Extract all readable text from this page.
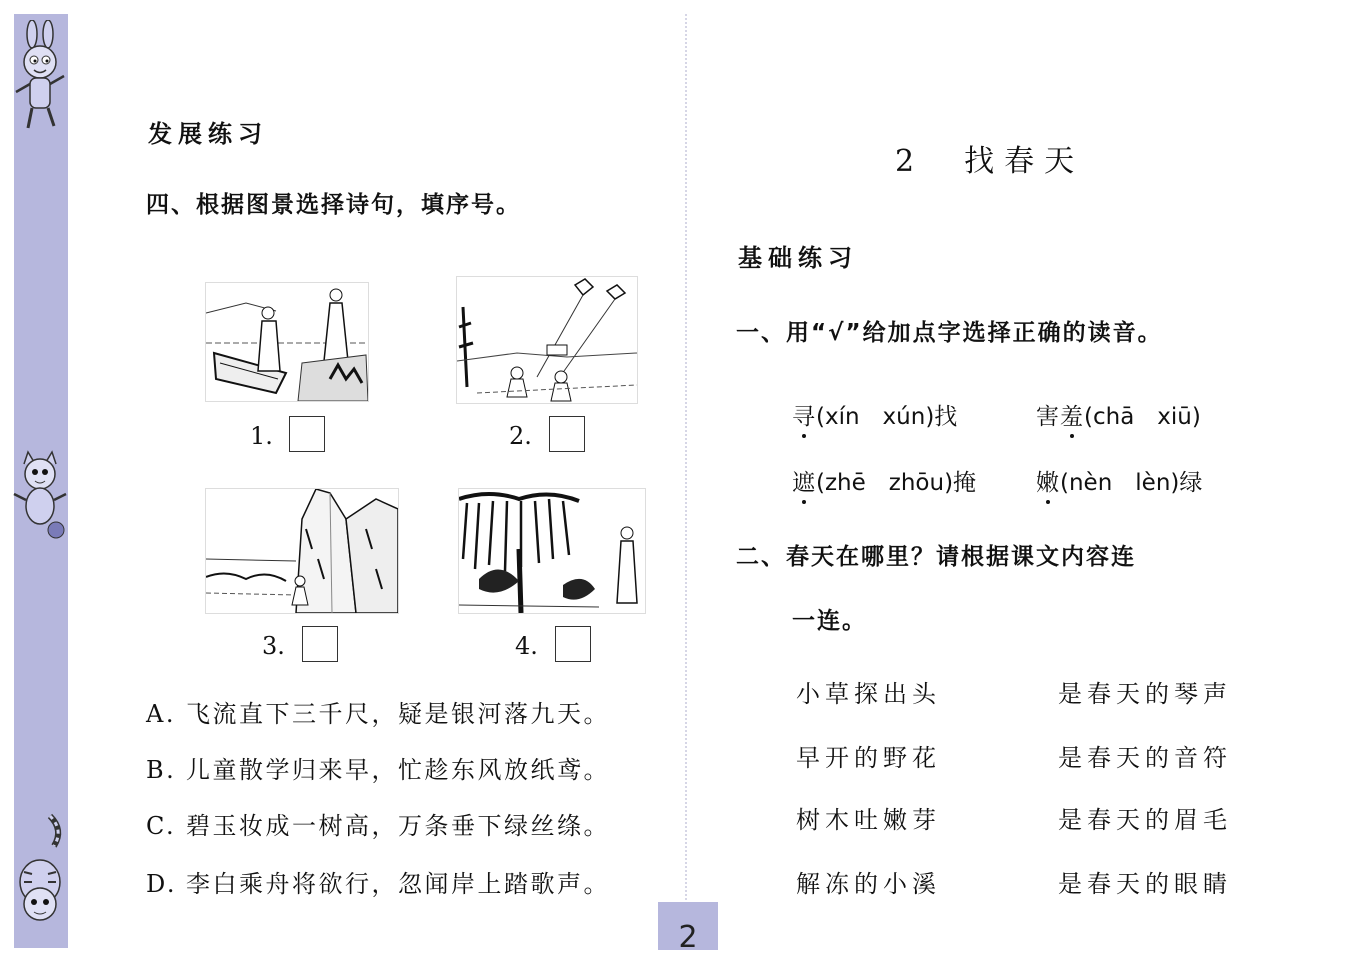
发展练习
四、根据图景选择诗句，填序号。
1.	2.
3.	4.
A. 飞流直下三千尺，疑是银河落九天。
B. 儿童散学归来早，忙趁东风放纸鸢。
C. 碧玉妆成一树高，万条垂下绿丝绦。
D. 李白乘舟将欲行，忽闻岸上踏歌声。
2　找春天
基础练习
一、用“√”给加点字选择正确的读音。
寻(xín　xún)找	害羞(chā　xiū)
遮(zhē　zhōu)掩	嫩(nèn　lèn)绿
二、春天在哪里？请根据课文内容连
一连。
小草探出头	是春天的琴声
早开的野花	是春天的音符
树木吐嫩芽	是春天的眉毛
解冻的小溪	是春天的眼睛
2
